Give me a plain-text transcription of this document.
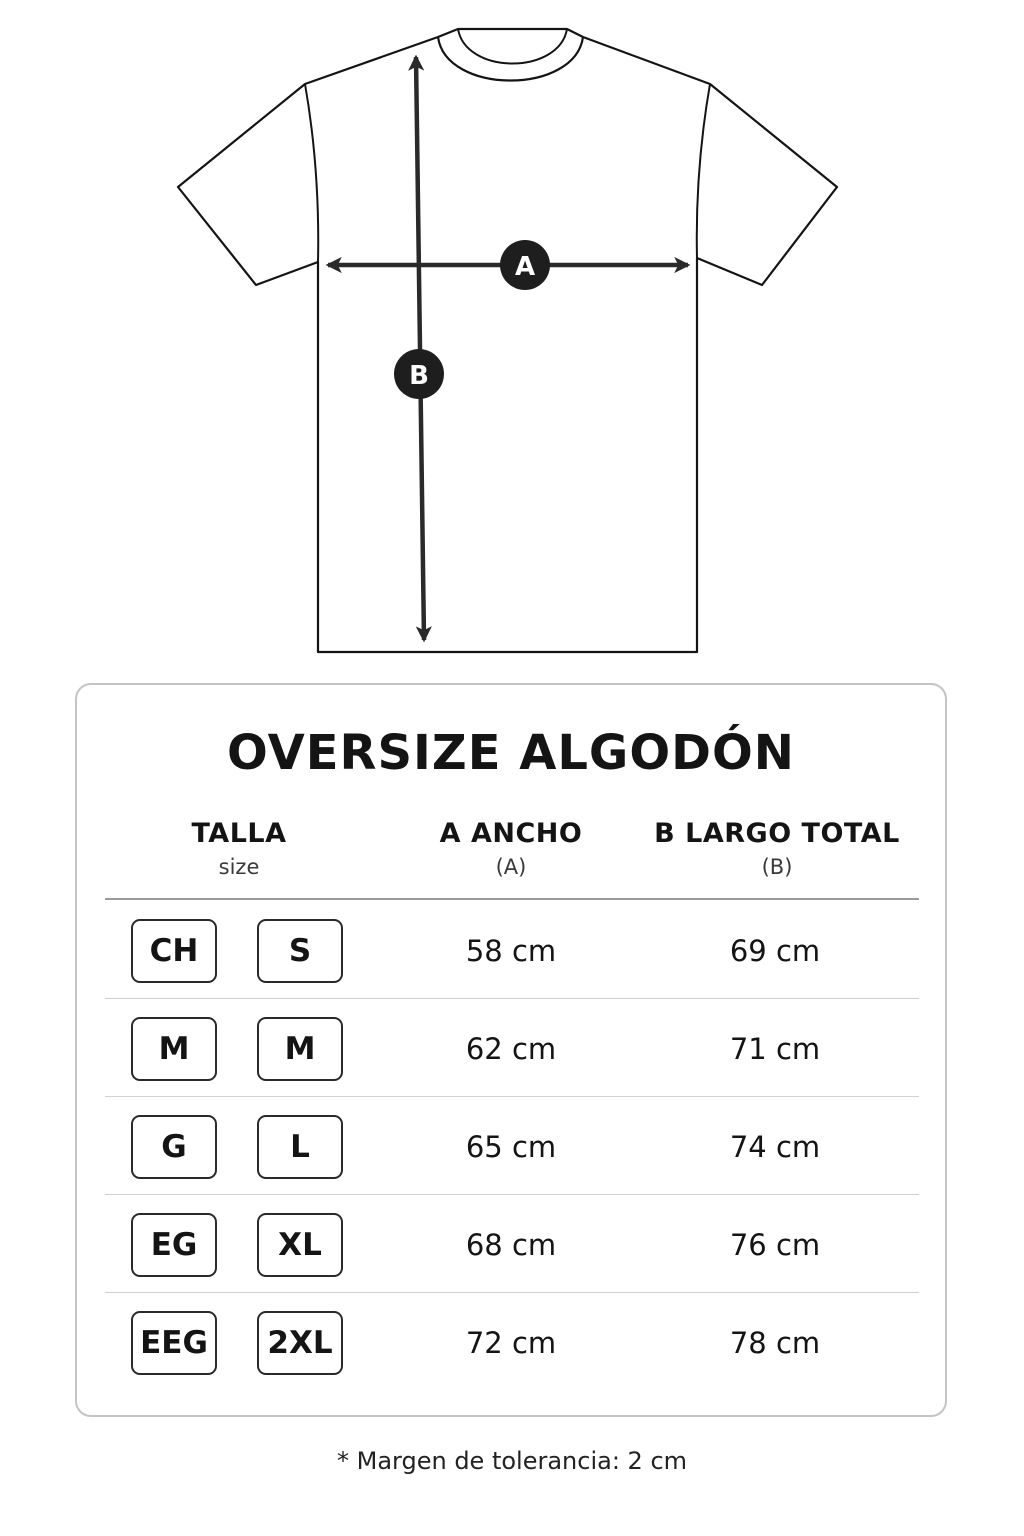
A
B
OVERSIZE ALGODÓN
TALLA
size
A ANCHO
(A)
B LARGO TOTAL
(B)
CH	S	58 cm	69 cm
M	M	62 cm	71 cm
G	L	65 cm	74 cm
EG	XL	68 cm	76 cm
EEG	2XL	72 cm	78 cm
* Margen de tolerancia: 2 cm
